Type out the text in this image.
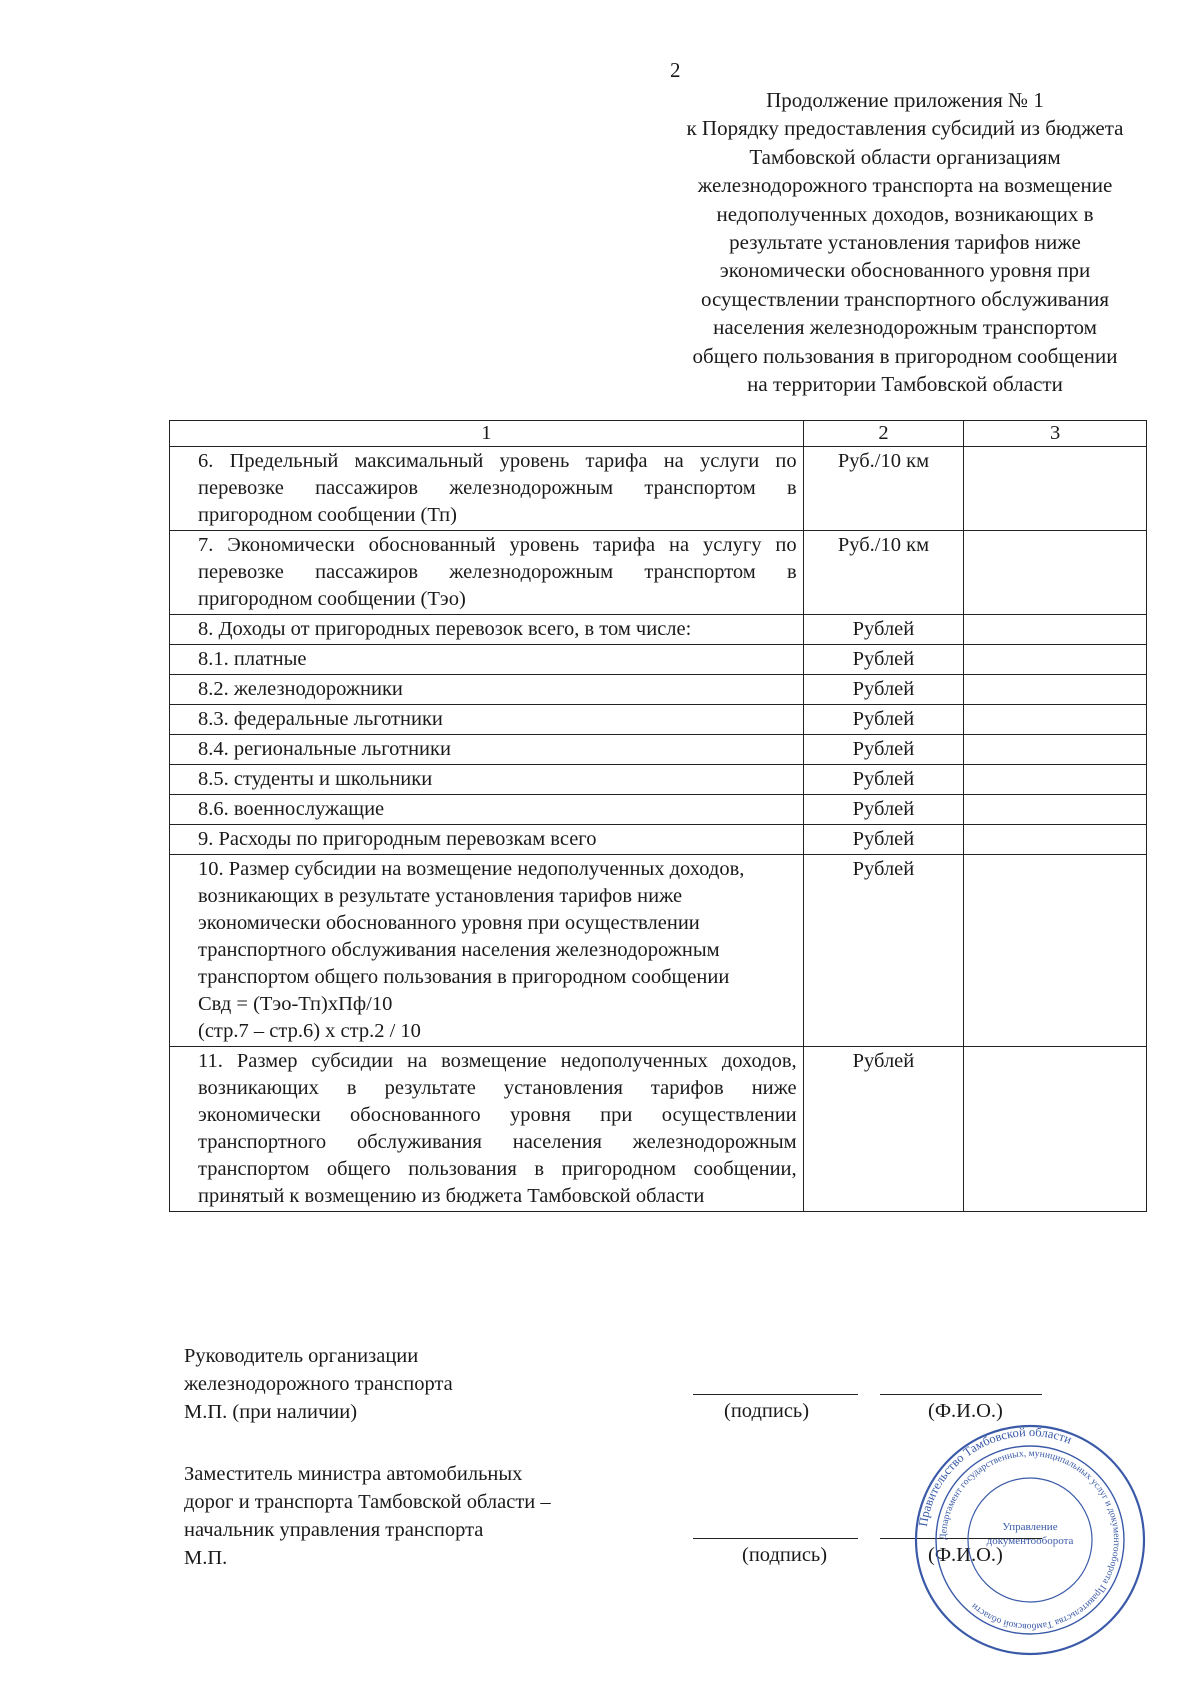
2
Продолжение приложения № 1
к Порядку предоставления субсидий из бюджета
Тамбовской области организациям
железнодорожного транспорта на возмещение
недополученных доходов, возникающих в
результате установления тарифов ниже
экономически обоснованного уровня при
осуществлении транспортного обслуживания
населения железнодорожным транспортом
общего пользования в пригородном сообщении
на территории Тамбовской области
1	2	3
6. Предельный максимальный уровень тарифа на услуги по перевозке пассажиров железнодорожным транспортом в пригородном сообщении (Тп)	Руб./10 км	
7. Экономически обоснованный уровень тарифа на услугу по перевозке пассажиров железнодорожным транспортом в пригородном сообщении (Тэо)	Руб./10 км	
8. Доходы от пригородных перевозок всего, в том числе:	Рублей	
8.1. платные	Рублей	
8.2. железнодорожники	Рублей	
8.3. федеральные льготники	Рублей	
8.4. региональные льготники	Рублей	
8.5. студенты и школьники	Рублей	
8.6. военнослужащие	Рублей	
9. Расходы по пригородным перевозкам всего	Рублей	

10. Размер субсидии на возмещение недополученных доходов, возникающих в результате установления тарифов ниже экономически обоснованного уровня при осуществлении транспортного обслуживания населения железнодорожным транспортом общего пользования в пригородном сообщении
Свд = (Тэо-Тп)хПф/10
(стр.7 – стр.6) х стр.2 / 10	Рублей	
11. Размер субсидии на возмещение недополученных доходов, возникающих в результате установления тарифов ниже экономически обоснованного уровня при осуществлении транспортного обслуживания населения железнодорожным транспортом общего пользования в пригородном сообщении, принятый к возмещению из бюджета Тамбовской области	Рублей	
Руководитель организации
железнодорожного транспорта
М.П. (при наличии)	(подпись)	(Ф.И.О.)
Заместитель министра автомобильных
дорог и транспорта Тамбовской области –
начальник управления транспорта
М.П.	(подпись)	(Ф.И.О.)
Правительство Тамбовской области
Департамент государственных, муниципальных услуг и документооборота Правительства Тамбовской области
Управление документооборота
